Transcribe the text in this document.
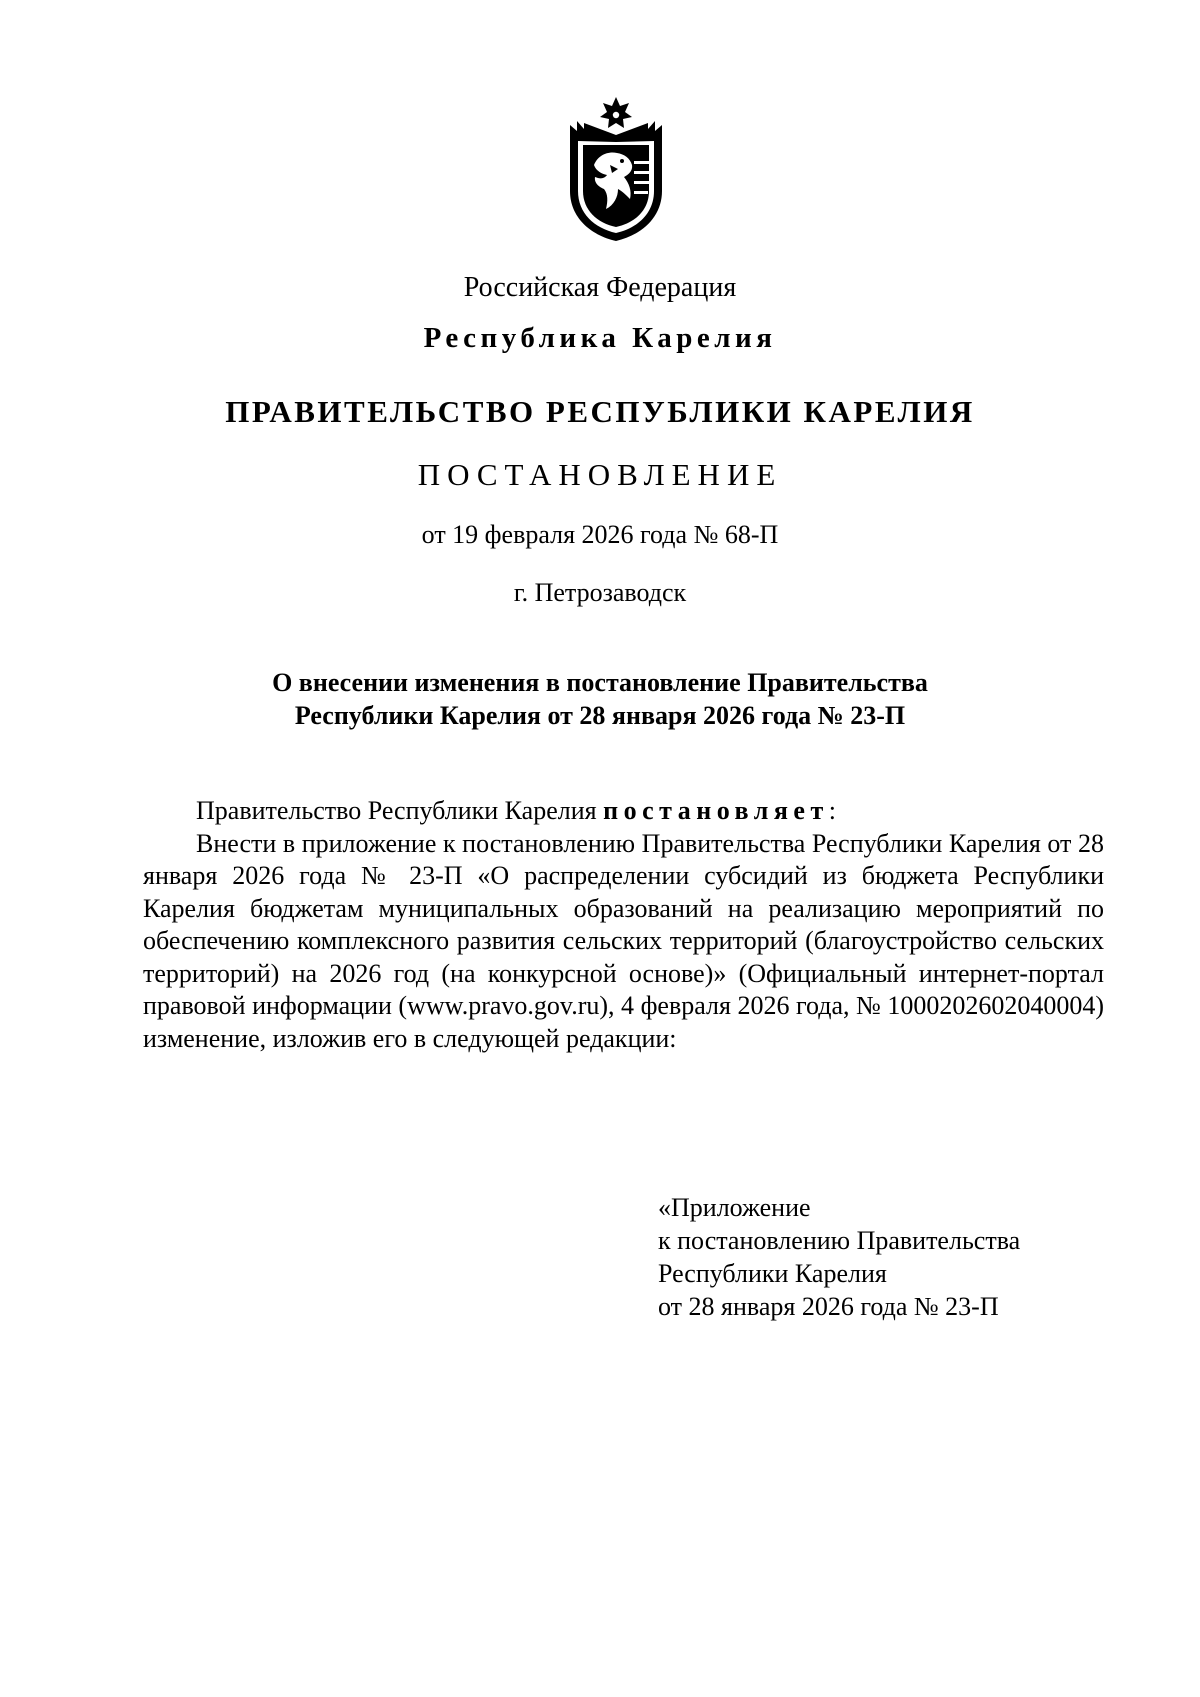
Российская Федерация
Республика Карелия
ПРАВИТЕЛЬСТВО РЕСПУБЛИКИ КАРЕЛИЯ
ПОСТАНОВЛЕНИЕ
от 19 февраля 2026 года № 68-П
г. Петрозаводск
О внесении изменения в постановление Правительства
Республики Карелия от 28 января 2026 года № 23-П

Правительство Республики Карелия постановляет:

Внести в приложение к постановлению Правительства Республики Карелия от 28 января 2026 года № 23-П «О распределении субсидий из бюджета Республики Карелия бюджетам муниципальных образований на реализацию мероприятий по обеспечению комплексного развития сельских территорий (благоустройство сельских территорий) на 2026 год (на конкурсной основе)» (Официальный интернет-портал правовой информации (www.pravo.gov.ru), 4 февраля 2026 года, № 1000202602040004) изменение, изложив его в следующей редакции:

«Приложение
к постановлению Правительства
Республики Карелия
от 28 января 2026 года № 23-П
